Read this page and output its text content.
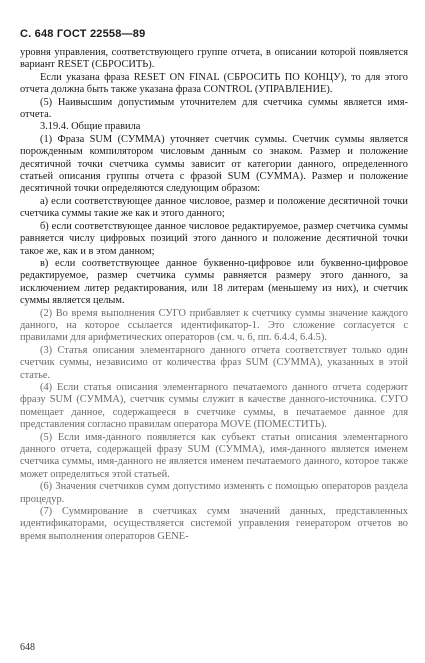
С. 648 ГОСТ 22558—89

уровня управления, соответствующего группе отчета, в описании которой появляется вариант RESET (СБРОСИТЬ).

Если указана фраза RESET ON FINAL (СБРОСИТЬ ПО КОНЦУ), то для этого отчета должна быть также указана фраза CONTROL (УПРАВЛЕНИЕ).

(5) Наивысшим допустимым уточнителем для счетчика суммы является имя-отчета.

3.19.4. Общие правила

(1) Фраза SUM (СУММА) уточняет счетчик суммы. Счетчик суммы является порожденным компилятором числовым данным со знаком. Размер и положение десятичной точки счетчика суммы зависит от категории данного, определенного статьей описания группы отчета с фразой SUM (СУММА). Размер и положение десятичной точки определяются следующим образом:

а) если соответствующее данное числовое, размер и положение десятичной точки счетчика суммы такие же как и этого данного;

б) если соответствующее данное числовое редактируемое, размер счетчика суммы равняется числу цифровых позиций этого данного и положение десятичной точки такое же, как и в этом данном;

в) если соответствующее данное буквенно-цифровое или буквенно-цифровое редактируемое, размер счетчика суммы равняется размеру этого данного, за исключением литер редактирования, или 18 литерам (меньшему из них), и счетчик суммы является целым.

(2) Во время выполнения СУГО прибавляет к счетчику суммы значение каждого данного, на которое ссылается идентификатор-1. Это сложение согласуется с правилами для арифметических операторов (см. ч. 6, пп. 6.4.4, 6.4.5).

(3) Статья описания элементарного данного отчета соответствует только один счетчик суммы, независимо от количества фраз SUM (СУММА), указанных в этой статье.

(4) Если статья описания элементарного печатаемого данного отчета содержит фразу SUM (СУММА), счетчик суммы служит в качестве данного-источника. СУГО помещает данное, содержащееся в счетчике суммы, в печатаемое данное для представления согласно правилам оператора MOVE (ПОМЕСТИТЬ).

(5) Если имя-данного появляется как субъект статьи описания элементарного данного отчета, содержащей фразу SUM (СУММА), имя-данного является именем счетчика суммы, имя-данного не является именем печатаемого данного, которое также может определяться этой статьей.

(6) Значения счетчиков сумм допустимо изменять с помощью операторов раздела процедур.

(7) Суммирование в счетчиках сумм значений данных, представленных идентификаторами, осуществляется системой управления генератором отчетов во время выполнения операторов GENE-

648
